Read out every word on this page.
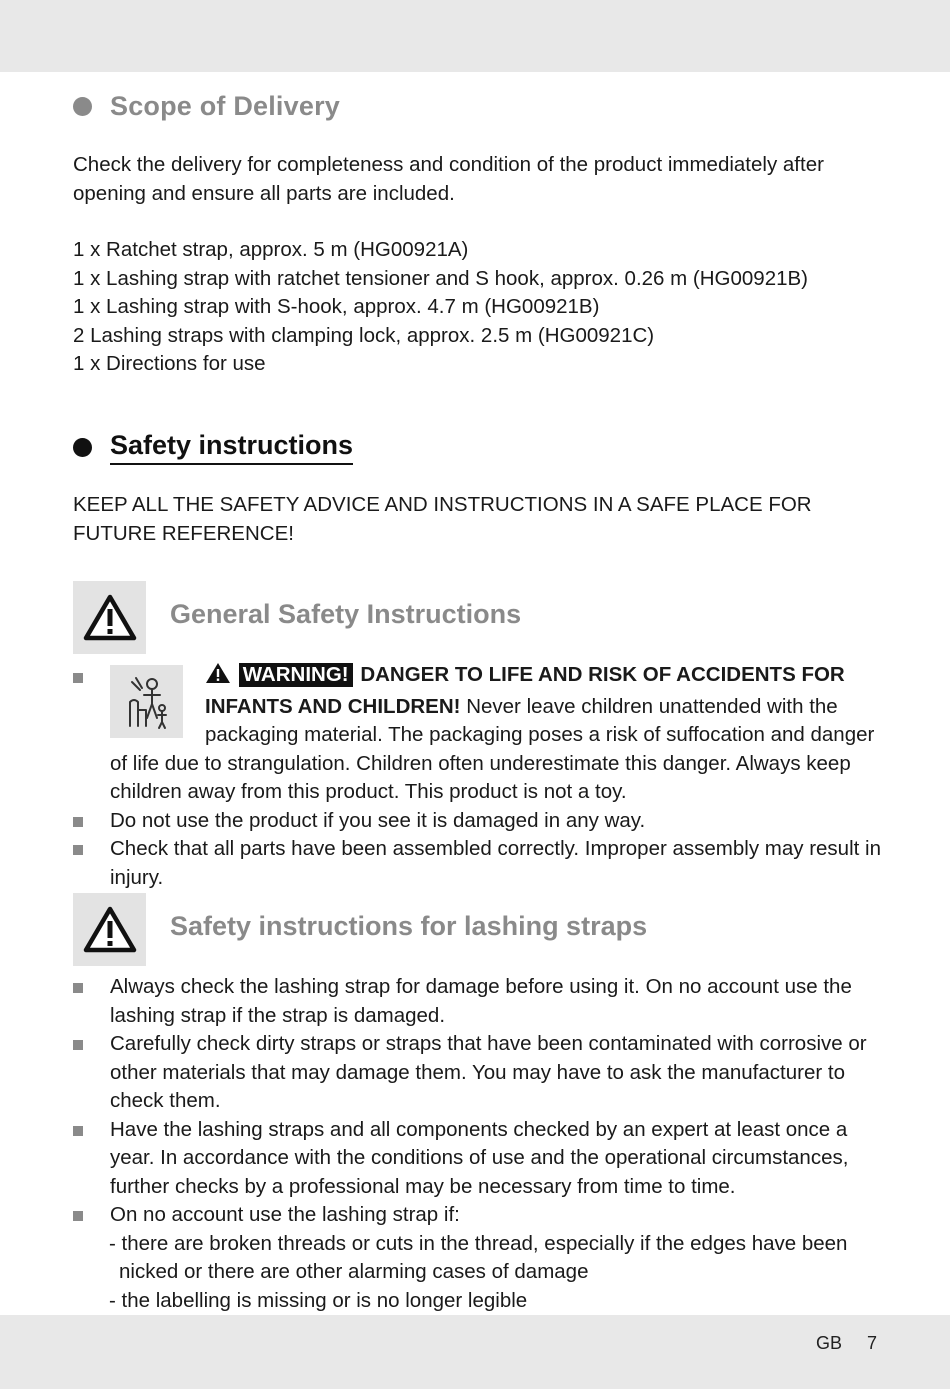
Scope of Delivery

Check the delivery for completeness and condition of the product immediately after opening and ensure all parts are included.

1 x Ratchet strap, approx. 5 m (HG00921A)
1 x Lashing strap with ratchet tensioner and S hook, approx. 0.26 m (HG00921B)
1 x Lashing strap with S-hook, approx. 4.7 m (HG00921B)
2 Lashing straps with clamping lock, approx. 2.5 m (HG00921C)
1 x Directions for use
Safety instructions

KEEP ALL THE SAFETY ADVICE AND INSTRUCTIONS IN A SAFE PLACE FOR FUTURE REFERENCE!

General Safety Instructions
WARNING! DANGER TO LIFE AND RISK OF ACCIDENTS FOR INFANTS AND CHILDREN! Never leave children unattended with the packaging material. The packaging poses a risk of suffocation and danger of life due to strangulation. Children often underestimate this danger. Always keep children away from this product. This product is not a toy.
Do not use the product if you see it is damaged in any way.
Check that all parts have been assembled correctly. Improper assembly may result in injury.
Safety instructions for lashing straps
Always check the lashing strap for damage before using it. On no account use the lashing strap if the strap is damaged.
Carefully check dirty straps or straps that have been contaminated with corrosive or other materials that may damage them. You may have to ask the manufacturer to check them.
Have the lashing straps and all components checked by an expert at least once a year. In accordance with the conditions of use and the operational circumstances, further checks by a professional may be necessary from time to time.
On no account use the lashing strap if:
- there are broken threads or cuts in the thread, especially if the edges have been nicked or there are other alarming cases of damage
- the labelling is missing or is no longer legible
GB 7
